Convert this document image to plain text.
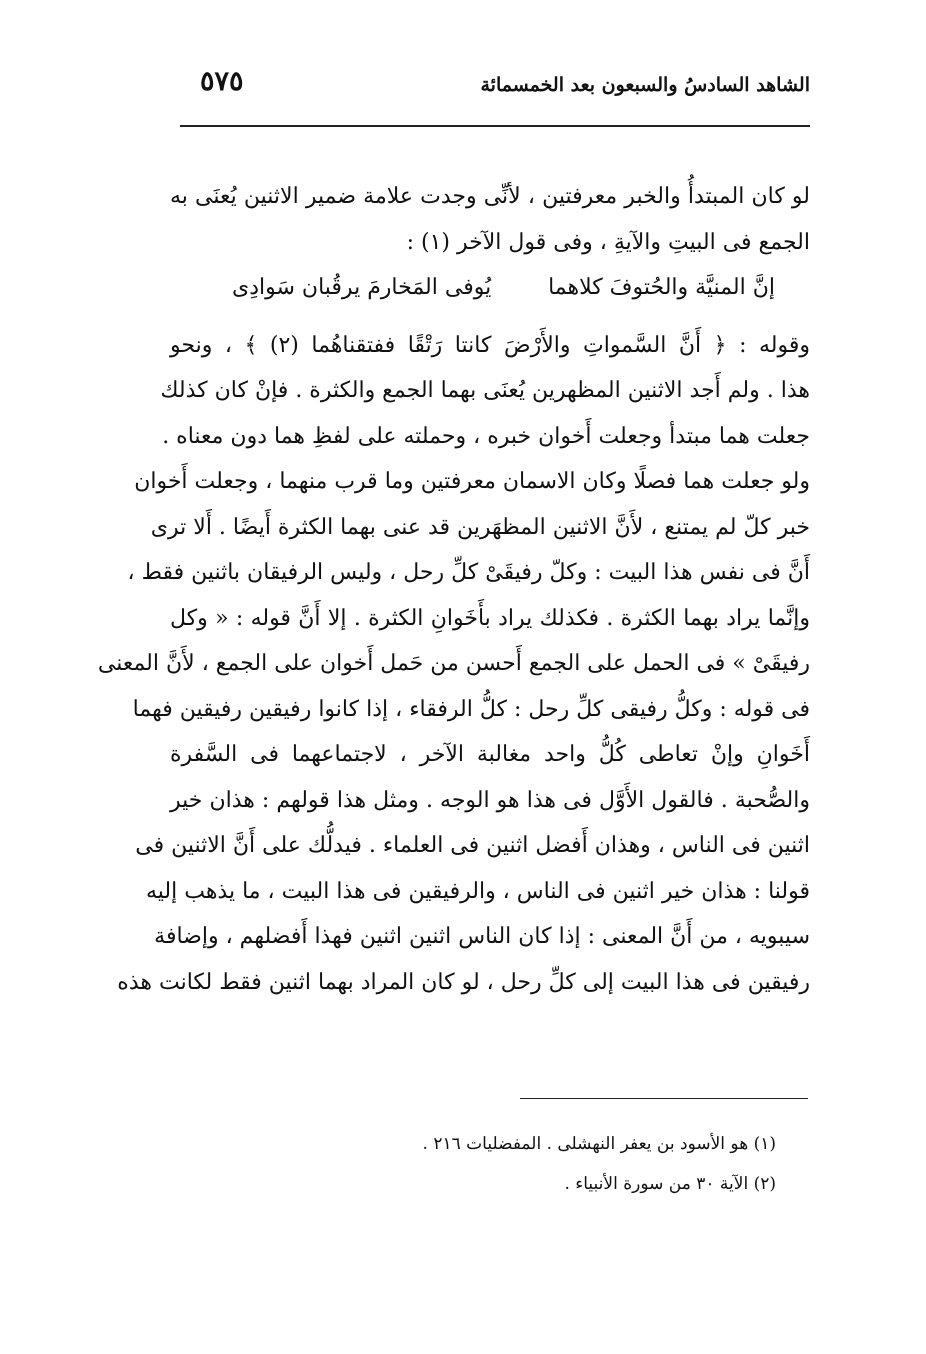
الشاهد السادسُ والسبعون بعد الخمسمائة
٥٧٥
لو كان المبتدأُ والخبر معرفتين ، لأنِّى وجدت علامة ضمير الاثنين يُعنَى به
الجمع فى البيتِ والآيةِ ، وفى قول الآخر (١) :
إنَّ المنيَّة والحُتوفَ كلاهما
يُوفى المَخارمَ يرقُبان سَوادِى
وقوله : ﴿ أَنَّ السَّمواتِ والأَرْضَ كانتا رَتْقًا ففتقناهُما (٢) ﴾ ، ونحو
هذا . ولم أَجد الاثنين المظهرين يُعنَى بهما الجمع والكثرة . فإنْ كان كذلك
جعلت هما مبتدأ وجعلت أَخوان خبره ، وحملته على لفظِ هما دون معناه .
ولو جعلت هما فصلًا وكان الاسمان معرفتين وما قرب منهما ، وجعلت أَخوان
خبر كلّ لم يمتنع ، لأَنَّ الاثنين المظهَرين قد عنى بهما الكثرة أَيضًا . أَلا ترى
أَنَّ فى نفس هذا البيت : وكلّ رفيقَىْ كلِّ رحل ، وليس الرفيقان باثنين فقط ،
وإنَّما يراد بهما الكثرة . فكذلك يراد بأَخَوانِ الكثرة . إلا أَنَّ قوله : « وكل
رفيقَىْ » فى الحمل على الجمع أَحسن من حَمل أَخوان على الجمع ، لأَنَّ المعنى
فى قوله : وكلُّ رفيقى كلِّ رحل : كلُّ الرفقاء ، إذا كانوا رفيقين رفيقين فهما
أَخَوانِ وإنْ تعاطى كُلُّ واحد مغالبة الآخر ، لاجتماعهما فى السَّفرة
والصُّحبة . فالقول الأَوَّل فى هذا هو الوجه . ومثل هذا قولهم : هذان خير
اثنين فى الناس ، وهذان أَفضل اثنين فى العلماء . فيدلُّك على أَنَّ الاثنين فى
قولنا : هذان خير اثنين فى الناس ، والرفيقين فى هذا البيت ، ما يذهب إليه
سيبويه ، من أَنَّ المعنى : إذا كان الناس اثنين اثنين فهذا أَفضلهم ، وإضافة
رفيقين فى هذا البيت إلى كلِّ رحل ، لو كان المراد بهما اثنين فقط لكانت هذه
(١) هو الأسود بن يعفر النهشلى . المفضليات ٢١٦ .
(٢) الآية ٣٠ من سورة الأنبياء .
